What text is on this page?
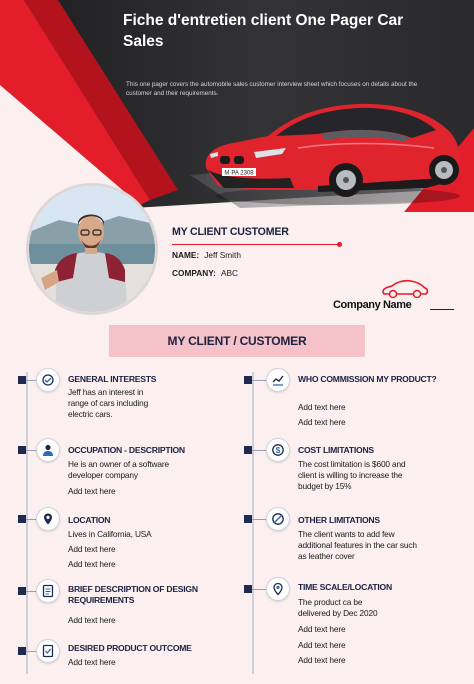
Fiche d'entretien client One Pager Car Sales
This one pager covers the automobile sales customer interview sheet which focuses on details about the customer and their requirements.
M·PA 2308
MY CLIENT CUSTOMER
NAME: Jeff Smith
COMPANY: ABC
Company Name
MY CLIENT / CUSTOMER
GENERAL INTERESTS
Jeff has an interest in
range of cars including
electric cars.
OCCUPATION - DESCRIPTION
He is an owner of a software
developer company
Add text here
LOCATION
Lives in California, USA
Add text here
Add text here
BRIEF DESCRIPTION OF DESIGN REQUIREMENTS
Add text here
DESIRED PRODUCT OUTCOME
Add text here
WHO COMMISSION MY PRODUCT?
Add text here
Add text here
$ COST LIMITATIONS
The cost limitation is $600 and
client is willing to increase the
budget by 15%
OTHER LIMITATIONS
The client wants to add few
additional features in the car such
as leather cover
TIME SCALE/LOCATION
The product ca be
delivered by Dec 2020
Add text here
Add text here
Add text here
